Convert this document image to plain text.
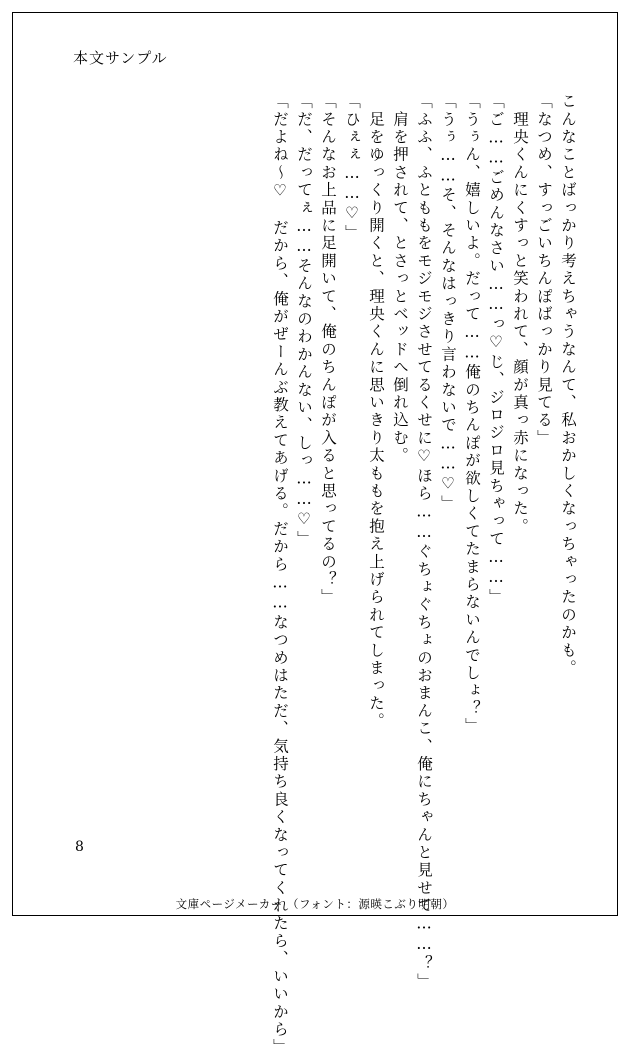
本文サンプル
こんなことばっかり考えちゃうなんて、私おかしくなっちゃったのかも。
「なつめ、すっごいちんぽばっかり見てる」
　理央くんにくすっと笑われて、顔が真っ赤になった。
「ご……ごめんなさい……っ♡じ、ジロジロ見ちゃって……」
「うぅん、嬉しいよ。だって……俺のちんぽが欲しくてたまらないんでしょ？」
「うぅ……そ、そんなはっきり言わないで……♡」
「ふふ、ふとももをモジモジさせてるくせに♡ほら……ぐちょぐちょのおまんこ、俺にちゃんと見せて……？」
　肩を押されて、とさっとベッドへ倒れ込む。
　足をゆっくり開くと、理央くんに思いきり太ももを抱え上げられてしまった。
「ひぇぇ……♡」
「そんなお上品に足開いて、俺のちんぽが入ると思ってるの？」
「だ、だってぇ……そんなのわかんない、しっ……♡」
「だよね～♡　だから、俺がぜーんぶ教えてあげる。だから……なつめはただ、気持ち良くなってくれたら、いいから」
8
文庫ページメーカー （フォント：源暎こぶり明朝）
